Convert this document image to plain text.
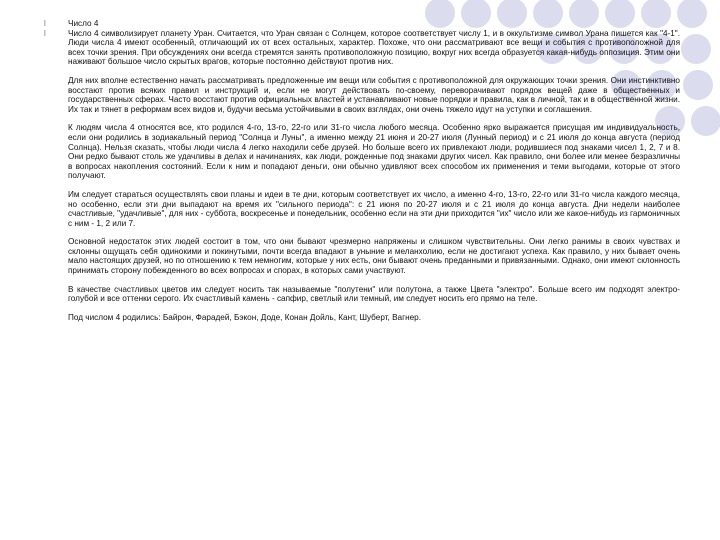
l	Число 4
l	Число 4 символизирует планету Уран. Считается, что Уран связан с Солнцем, которое соответствует числу 1, и в оккультизме символ Урана пишется как "4-1". Люди числа 4 имеют особенный, отличающий их от всех остальных, характер. Похоже, что они рассматривают все вещи и события с противоположной для всех точки зрения. При обсуждениях они всегда стремятся занять противоположную позицию, вокруг них всегда образуется какая-нибудь оппозиция. Этим они наживают большое число скрытых врагов, которые постоянно действуют против них.

Для них вполне естественно начать рассматривать предложенные им вещи или события с противоположной для окружающих точки зрения. Они инстинктивно восстают против всяких правил и инструкций и, если не могут действовать по-своему, переворачивают порядок вещей даже в общественных и государственных сферах. Часто восстают против официальных властей и устанавливают новые порядки и правила, как в личной, так и в общественной жизни. Их так и тянет в реформам всех видов и, будучи весьма устойчивыми в своих взглядах, они очень тяжело идут на уступки и соглашения.

К людям числа 4 относятся все, кто родился 4-го, 13-го, 22-го или 31-го числа любого месяца. Особенно ярко выражается присущая им индивидуальность, если они родились в зодиакальный период "Солнца и Луны", а именно между 21 июня и 20-27 июля (Лунный период) и с 21 июля до конца августа (период Солнца). Нельзя сказать, чтобы люди числа 4 легко находили себе друзей. Но больше всего их привлекают люди, родившиеся под знаками чисел 1, 2, 7 и 8. Они редко бывают столь же удачливы в делах и начинаниях, как люди, рожденные под знаками других чисел. Как правило, они более или менее безразличны в вопросах накопления состояний. Если к ним и попадают деньги, они обычно удивляют всех способом их применения и теми выгодами, которые от этого получают.

Им следует стараться осуществлять свои планы и идеи в те дни, которым соответствует их число, а именно 4-го, 13-го, 22-го или 31-го числа каждого месяца, но особенно, если эти дни выпадают на время их "сильного периода": с 21 июня по 20-27 июля и с 21 июля до конца августа. Дни недели наиболее счастливые, "удачливые", для них - суббота, воскресенье и понедельник, особенно если на эти дни приходится "их" число или же какое-нибудь из гармоничных с ним - 1, 2 или 7.

Основной недостаток этих людей состоит в том, что они бывают чрезмерно напряжены и слишком чувствительны. Они легко ранимы в своих чувствах и склонны ощущать себя одинокими и покинутыми, почти всегда впадают в уныние и меланхолию, если не достигают успеха. Как правило, у них бывает очень мало настоящих друзей, но по отношению к тем немногим, которые у них есть, они бывают очень преданными и привязанными. Однако, они имеют склонность принимать сторону побежденного во всех вопросах и спорах, в которых сами участвуют.

В качестве счастливых цветов им следует носить так называемые "полутени" или полутона, а также Цвета "электро". Больше всего им подходят электро-голубой и все оттенки серого. Их счастливый камень - сапфир, светлый или темный, им следует носить его прямо на теле.

Под числом 4 родились: Байрон, Фарадей, Бэкон, Доде, Конан Дойль, Кант, Шуберт, Вагнер.
